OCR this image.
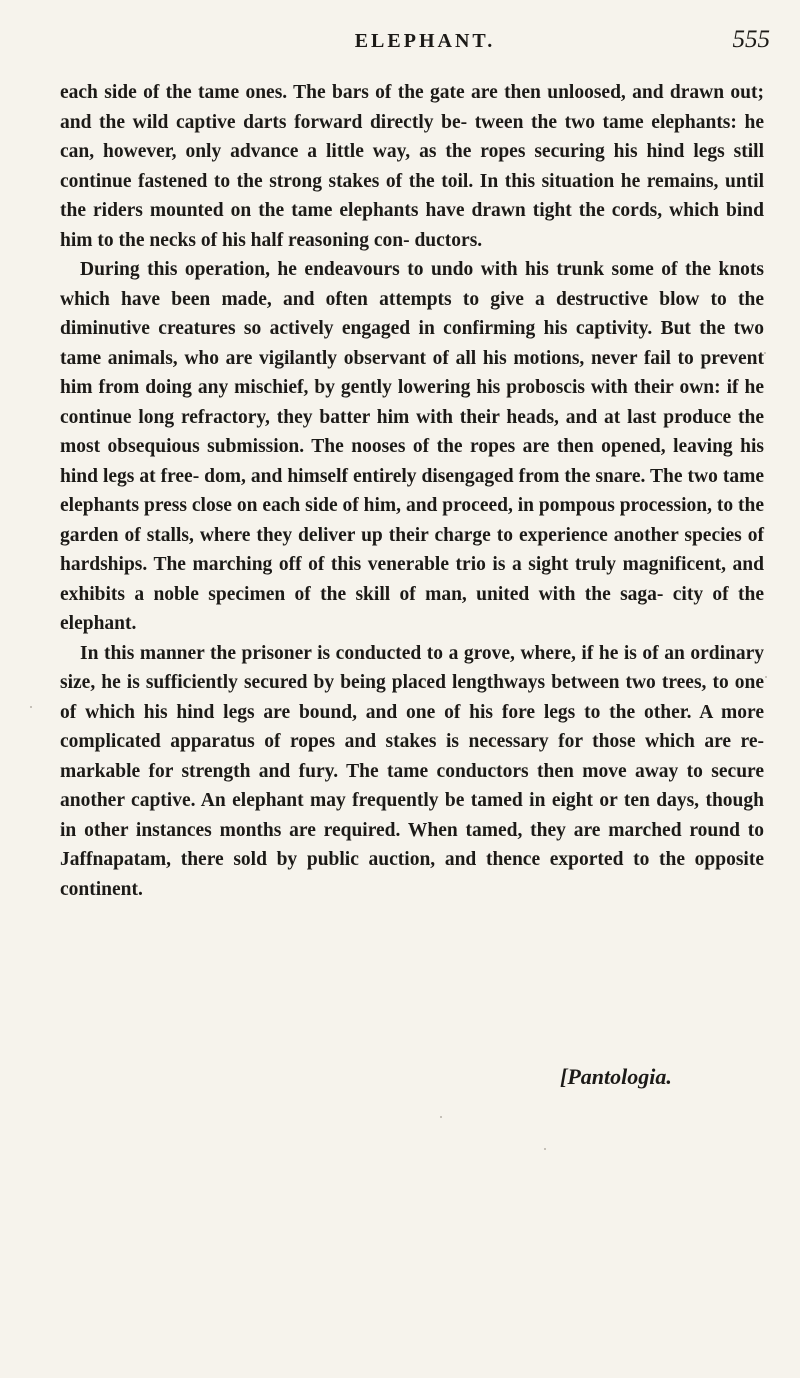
ELEPHANT.	555

each side of the tame ones. The bars of the gate are then unloosed, and drawn out; and the wild captive darts forward directly be- tween the two tame elephants: he can, however, only advance a little way, as the ropes securing his hind legs still continue fastened to the strong stakes of the toil. In this situation he remains, until the riders mounted on the tame elephants have drawn tight the cords, which bind him to the necks of his half reasoning con- ductors.

During this operation, he endeavours to undo with his trunk some of the knots which have been made, and often attempts to give a destructive blow to the diminutive creatures so actively engaged in confirming his captivity. But the two tame animals, who are vigilantly observant of all his motions, never fail to prevent him from doing any mischief, by gently lowering his proboscis with their own: if he continue long refractory, they batter him with their heads, and at last produce the most obsequious submission. The nooses of the ropes are then opened, leaving his hind legs at free- dom, and himself entirely disengaged from the snare. The two tame elephants press close on each side of him, and proceed, in pompous procession, to the garden of stalls, where they deliver up their charge to experience another species of hardships. The marching off of this venerable trio is a sight truly magnificent, and exhibits a noble specimen of the skill of man, united with the saga- city of the elephant.

In this manner the prisoner is conducted to a grove, where, if he is of an ordinary size, he is sufficiently secured by being placed lengthways between two trees, to one of which his hind legs are bound, and one of his fore legs to the other. A more complicated apparatus of ropes and stakes is necessary for those which are re- markable for strength and fury. The tame conductors then move away to secure another captive. An elephant may frequently be tamed in eight or ten days, though in other instances months are required. When tamed, they are marched round to Jaffnapatam, there sold by public auction, and thence exported to the opposite continent.

[Pantologia.
